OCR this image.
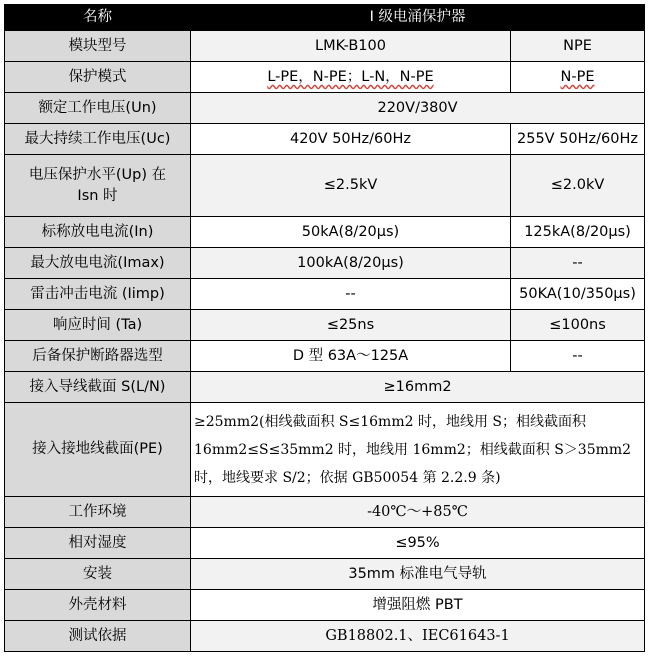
名称	I 级电涌保护器	
模块型号	LMK-B100	NPE
保护模式	L-PE，N-PE；L-N，N-PE	N-PE
额定工作电压(Un)	220V/380V	
最大持续工作电压(Uc)	420V 50Hz/60Hz	255V 50Hz/60Hz

电压保护水平(Up) 在
Isn 时	≤2.5kV	≤2.0kV
标称放电电流(In)	50kA(8/20μs)	125kA(8/20μs)
最大放电电流(Imax)	100kA(8/20μs)	--
雷击冲击电流 (Iimp)	--	50KA(10/350μs)
响应时间 (Ta)	≤25ns	≤100ns
后备保护断路器选型	D 型 63A～125A	--
接入导线截面 S(L/N)	≥16mm2	
接入接地线截面(PE)	≥25mm2(相线截面积 S≤16mm2 时，地线用 S；相线截面积 16mm2≤S≤35mm2 时，地线用 16mm2；相线截面积 S＞35mm2 时，地线要求 S/2；依据 GB50054 第 2.2.9 条)	
工作环境	-40℃～+85℃	
相对湿度	≤95%	
安装	35mm 标准电气导轨	
外壳材料	增强阻燃 PBT	
测试依据	GB18802.1、IEC61643-1	
